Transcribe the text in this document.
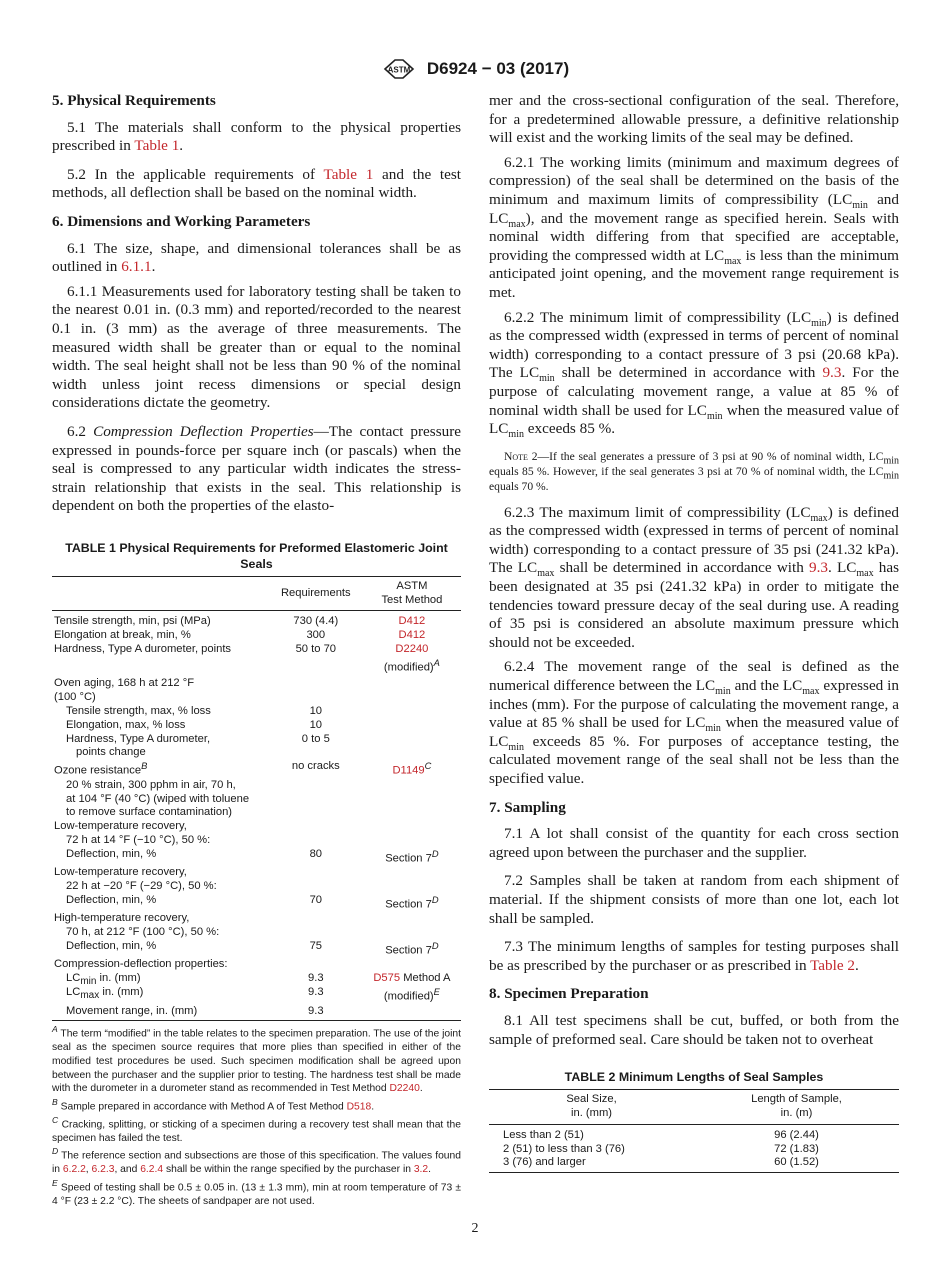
ASTM D6924 − 03 (2017)
5. Physical Requirements

5.1 The materials shall conform to the physical properties prescribed in Table 1.

5.2 In the applicable requirements of Table 1 and the test methods, all deflection shall be based on the nominal width.

6. Dimensions and Working Parameters

6.1 The size, shape, and dimensional tolerances shall be as outlined in 6.1.1.

6.1.1 Measurements used for laboratory testing shall be taken to the nearest 0.01 in. (0.3 mm) and reported/recorded to the nearest 0.1 in. (3 mm) as the average of three measurements. The measured width shall be greater than or equal to the nominal width. The seal height shall not be less than 90 % of the nominal width unless joint recess dimensions or special design considerations dictate the geometry.

6.2 Compression Deflection Properties—The contact pressure expressed in pounds-force per square inch (or pascals) when the seal is compressed to any particular width indicates the stress-strain relationship that exists in the seal. This relationship is dependent on both the properties of the elasto-

TABLE 1 Physical Requirements for Preformed Elastomeric Joint Seals

	Requirements	ASTM
Test Method
Tensile strength, min, psi (MPa)	730 (4.4)	D412
Elongation at break, min, %	300	D412
Hardness, Type A durometer, points	50 to 70	D2240
		(modified)$^A$
Oven aging, 168 h at 212 °F		
(100 °C)		
Tensile strength, max, % loss	10	
Elongation, max, % loss	10	
Hardness, Type A durometer,	0 to 5	
points change		
Ozone resistance$^B$	no cracks	$D1149^C$
20 % strain, 300 pphm in air, 70 h,		
at 104 °F (40 °C) (wiped with toluene		
to remove surface contamination)		
Low-temperature recovery,		
72 h at 14 °F (−10 °C), 50 %:		
Deflection, min, %	80	Section $7^D$
Low-temperature recovery,		
22 h at −20 °F (−29 °C), 50 %:		
Deflection, min, %	70	Section $7^D$
High-temperature recovery,		
70 h, at 212 °F (100 °C), 50 %:		
Deflection, min, %	75	Section $7^D$
Compression-deflection properties:		
$LC_{min}$ in. (mm)	9.3	D575 Method A
$LC_{max}$ in. (mm)	9.3	(modified)$^E$
Movement range, in. (mm)	9.3	
$^A$ The term “modified” in the table relates to the specimen preparation. The use of the joint seal as the specimen source requires that more plies than specified in either of the modified test procedures be used. Such specimen modification shall be agreed upon between the purchaser and the supplier prior to testing. The hardness test shall be made with the durometer in a durometer stand as recommended in Test Method D2240.
$^B$ Sample prepared in accordance with Method A of Test Method D518.
$^C$ Cracking, splitting, or sticking of a specimen during a recovery test shall mean that the specimen has failed the test.
$^D$ The reference section and subsections are those of this specification. The values found in 6.2.2, 6.2.3, and 6.2.4 shall be within the range specified by the purchaser in 3.2.
$^E$ Speed of testing shall be 0.5 ± 0.05 in. (13 ± 1.3 mm), min at room temperature of 73 ± 4 °F (23 ± 2.2 °C). The sheets of sandpaper are not used.

mer and the cross-sectional configuration of the seal. Therefore, for a predetermined allowable pressure, a definitive relationship will exist and the working limits of the seal may be defined.

6.2.1 The working limits (minimum and maximum degrees of compression) of the seal shall be determined on the basis of the minimum and maximum limits of compressibility ($LC_{min}$ and $LC_{max}$), and the movement range as specified herein. Seals with nominal width differing from that specified are acceptable, providing the compressed width at $LC_{max}$ is less than the minimum anticipated joint opening, and the movement range requirement is met.

6.2.2 The minimum limit of compressibility $(LC_{min})$ is defined as the compressed width (expressed in terms of percent of nominal width) corresponding to a contact pressure of 3 psi (20.68 kPa). The $LC_{min}$ shall be determined in accordance with 9.3. For the purpose of calculating movement range, a value at 85 % of nominal width shall be used for $LC_{min}$ when the measured value of $LC_{min}$ exceeds 85 %.

Note 2—If the seal generates a pressure of 3 psi at 90 % of nominal width, $LC_{min}$ equals 85 %. However, if the seal generates 3 psi at 70 % of nominal width, the $LC_{min}$ equals 70 %.

6.2.3 The maximum limit of compressibility $(LC_{max})$ is defined as the compressed width (expressed in terms of percent of nominal width) corresponding to a contact pressure of 35 psi (241.32 kPa). The $LC_{max}$ shall be determined in accordance with 9.3. $LC_{max}$ has been designated at 35 psi (241.32 kPa) in order to mitigate the tendencies toward pressure decay of the seal during use. A reading of 35 psi is considered an absolute maximum pressure which should not be exceeded.

6.2.4 The movement range of the seal is defined as the numerical difference between the $LC_{min}$ and the $LC_{max}$ expressed in inches (mm). For the purpose of calculating the movement range, a value at 85 % shall be used for $LC_{min}$ when the measured value of $LC_{min}$ exceeds 85 %. For purposes of acceptance testing, the calculated movement range of the seal shall not be less than the specified value.

7. Sampling

7.1 A lot shall consist of the quantity for each cross section agreed upon between the purchaser and the supplier.

7.2 Samples shall be taken at random from each shipment of material. If the shipment consists of more than one lot, each lot shall be sampled.

7.3 The minimum lengths of samples for testing purposes shall be as prescribed by the purchaser or as prescribed in Table 2.

8. Specimen Preparation

8.1 All test specimens shall be cut, buffed, or both from the sample of preformed seal. Care should be taken not to overheat

TABLE 2 Minimum Lengths of Seal Samples

Seal Size,
in. (mm)	Length of Sample,
in. (m)
Less than 2 (51)	96 (2.44)
2 (51) to less than 3 (76)	72 (1.83)
3 (76) and larger	60 (1.52)
2
